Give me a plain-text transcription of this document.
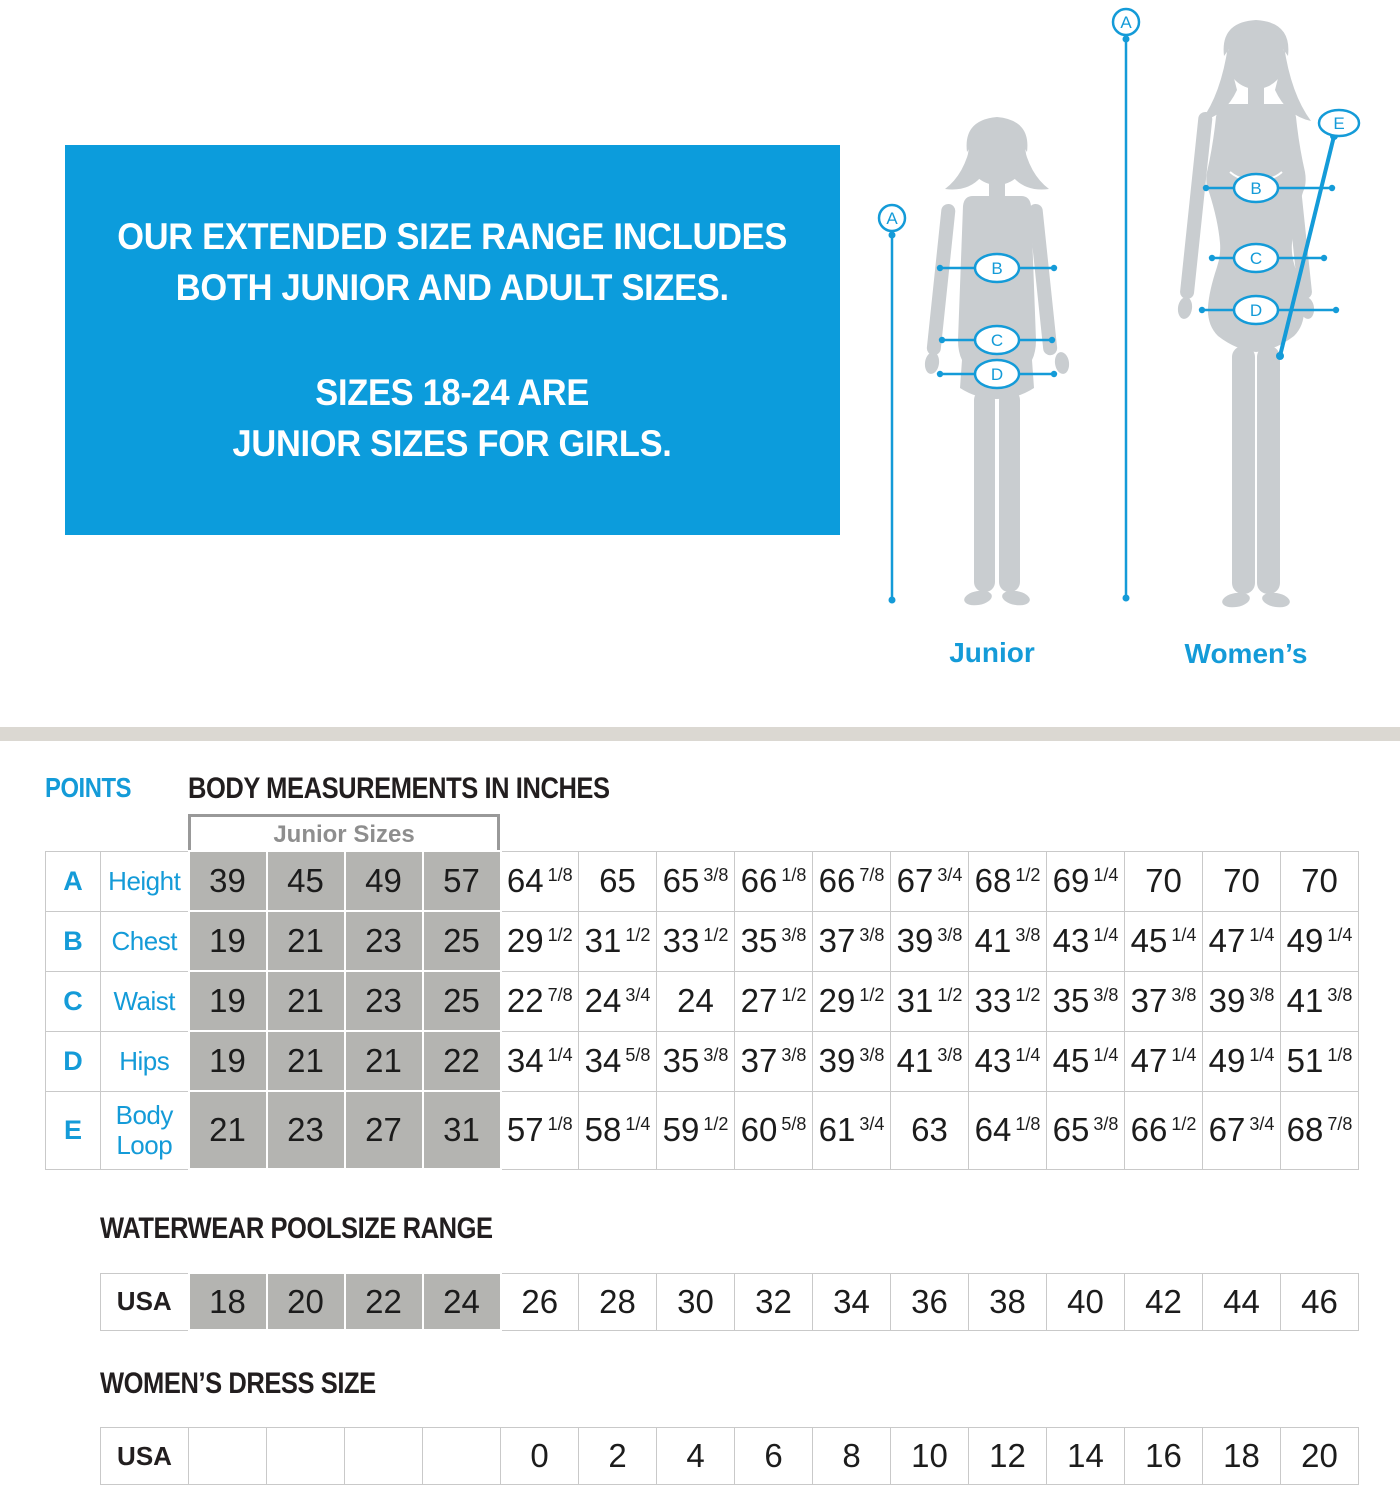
OUR EXTENDED SIZE RANGE INCLUDES
BOTH JUNIOR AND ADULT SIZES.
SIZES 18-24 ARE
JUNIOR SIZES FOR GIRLS.
A
B
C
D
Junior
A
B
C
D
E
Women’s
POINTS BODY MEASUREMENTS IN INCHES
Junior Sizes
A	Height	39	45	49	57	64 $^{1/8}$	65	65 $^{3/8}$	66 $^{1/8}$	66 $^{7/8}$	67 $^{3/4}$	68 $^{1/2}$	69 $^{1/4}$	70	70	70
B	Chest	19	21	23	25	29 $^{1/2}$	31 $^{1/2}$	33 $^{1/2}$	35 $^{3/8}$	37 $^{3/8}$	39 $^{3/8}$	41 $^{3/8}$	43 $^{1/4}$	45 $^{1/4}$	47 $^{1/4}$	49 $^{1/4}$
C	Waist	19	21	23	25	22 $^{7/8}$	24 $^{3/4}$	24	27 $^{1/2}$	29 $^{1/2}$	31 $^{1/2}$	33 $^{1/2}$	35 $^{3/8}$	37 $^{3/8}$	39 $^{3/8}$	41 $^{3/8}$
D	Hips	19	21	21	22	34 $^{1/4}$	34 $^{5/8}$	35 $^{3/8}$	37 $^{3/8}$	39 $^{3/8}$	41 $^{3/8}$	43 $^{1/4}$	45 $^{1/4}$	47 $^{1/4}$	49 $^{1/4}$	51 $^{1/8}$
E	Body Loop	21	23	27	31	57 $^{1/8}$	58 $^{1/4}$	59 $^{1/2}$	60 $^{5/8}$	61 $^{3/4}$	63	64 $^{1/8}$	65 $^{3/8}$	66 $^{1/2}$	67 $^{3/4}$	68 $^{7/8}$
WATERWEAR POOLSIZE RANGE
USA	18	20	22	24	26	28	30	32	34	36	38	40	42	44	46
WOMEN’S DRESS SIZE
USA					0	2	4	6	8	10	12	14	16	18	20
